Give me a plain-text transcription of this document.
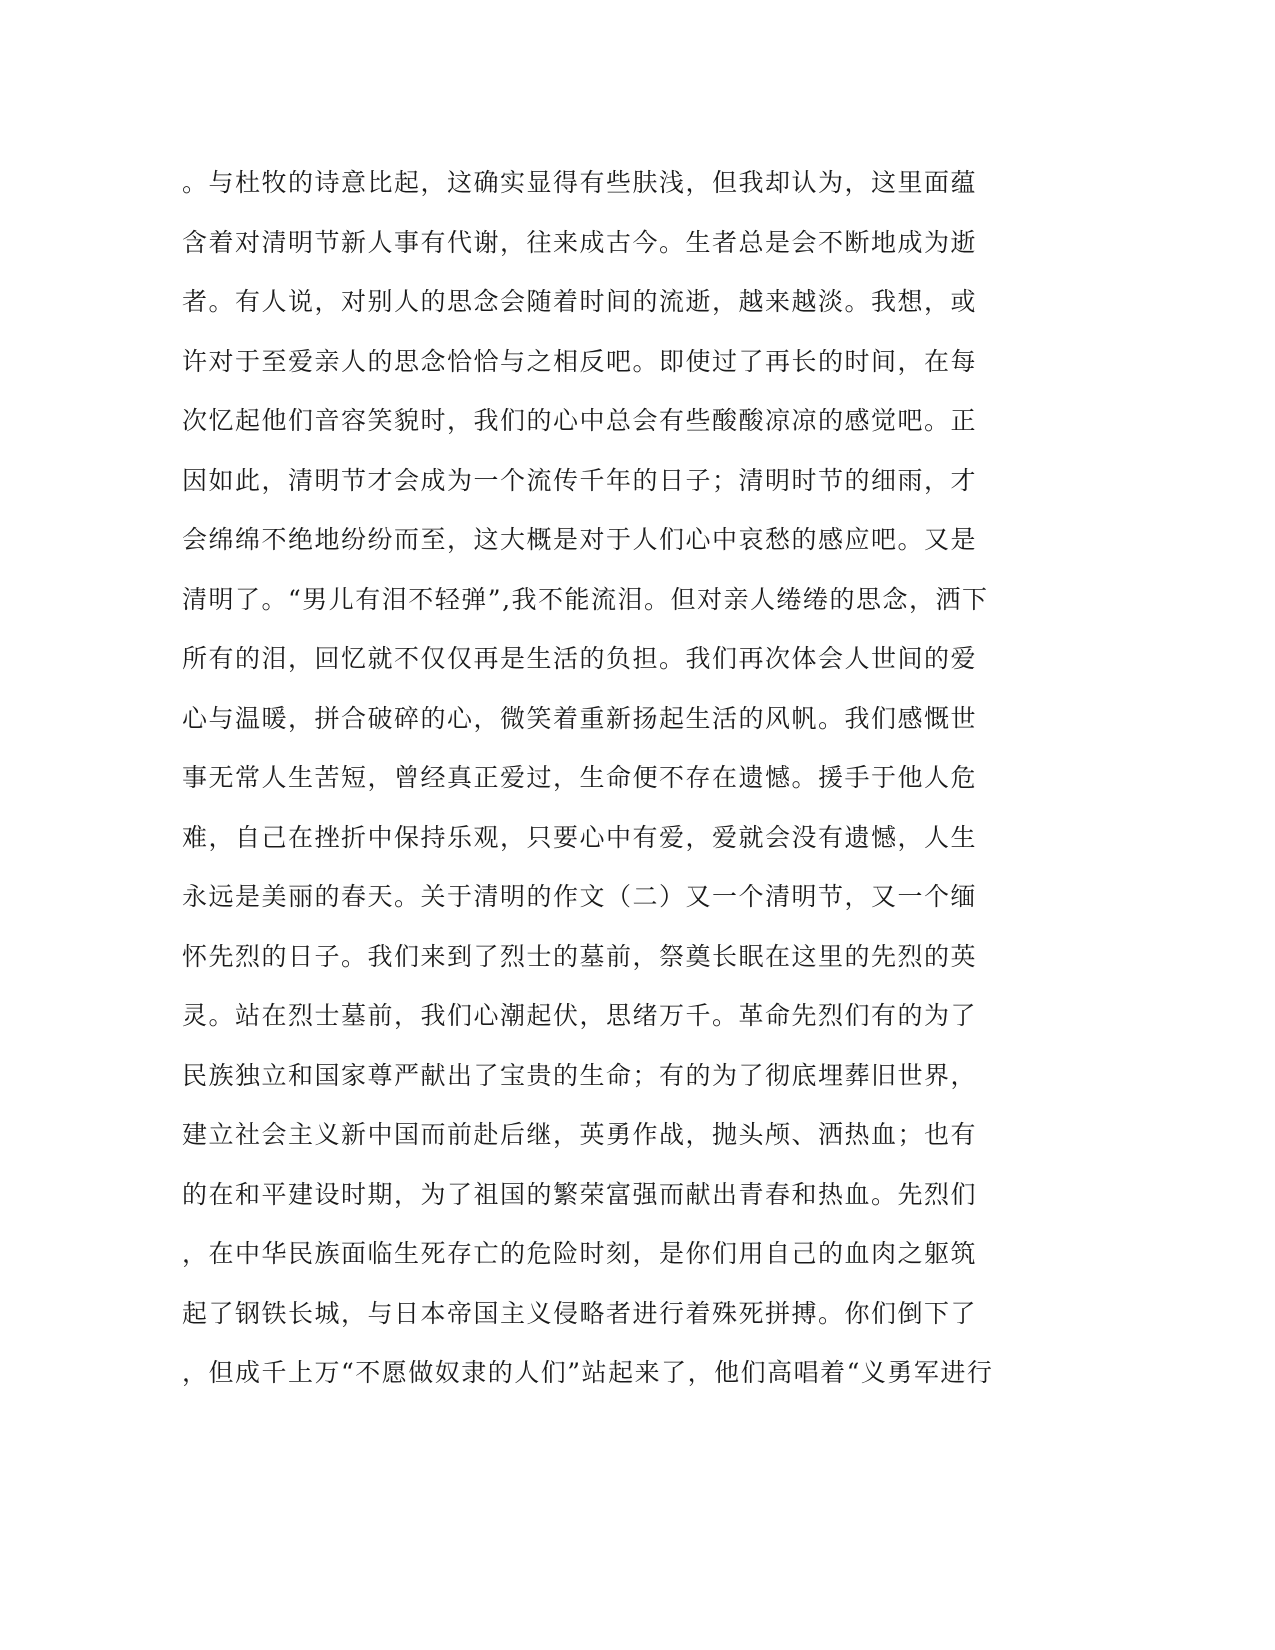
。与杜牧的诗意比起，这确实显得有些肤浅，但我却认为，这里面蕴
含着对清明节新人事有代谢，往来成古今。生者总是会不断地成为逝
者。有人说，对别人的思念会随着时间的流逝，越来越淡。我想，或
许对于至爱亲人的思念恰恰与之相反吧。即使过了再长的时间，在每
次忆起他们音容笑貌时，我们的心中总会有些酸酸凉凉的感觉吧。正
因如此，清明节才会成为一个流传千年的日子；清明时节的细雨，才
会绵绵不绝地纷纷而至，这大概是对于人们心中哀愁的感应吧。又是
清明了。“男儿有泪不轻弹”,我不能流泪。但对亲人绻绻的思念，洒下
所有的泪，回忆就不仅仅再是生活的负担。我们再次体会人世间的爱
心与温暖，拼合破碎的心，微笑着重新扬起生活的风帆。我们感慨世
事无常人生苦短，曾经真正爱过，生命便不存在遗憾。援手于他人危
难，自己在挫折中保持乐观，只要心中有爱，爱就会没有遗憾，人生
永远是美丽的春天。关于清明的作文（二）又一个清明节，又一个缅
怀先烈的日子。我们来到了烈士的墓前，祭奠长眠在这里的先烈的英
灵。站在烈士墓前，我们心潮起伏，思绪万千。革命先烈们有的为了
民族独立和国家尊严献出了宝贵的生命；有的为了彻底埋葬旧世界，
建立社会主义新中国而前赴后继，英勇作战，抛头颅、洒热血；也有
的在和平建设时期，为了祖国的繁荣富强而献出青春和热血。先烈们
，在中华民族面临生死存亡的危险时刻，是你们用自己的血肉之躯筑
起了钢铁长城，与日本帝国主义侵略者进行着殊死拼搏。你们倒下了
，但成千上万“不愿做奴隶的人们”站起来了，他们高唱着“义勇军进行
